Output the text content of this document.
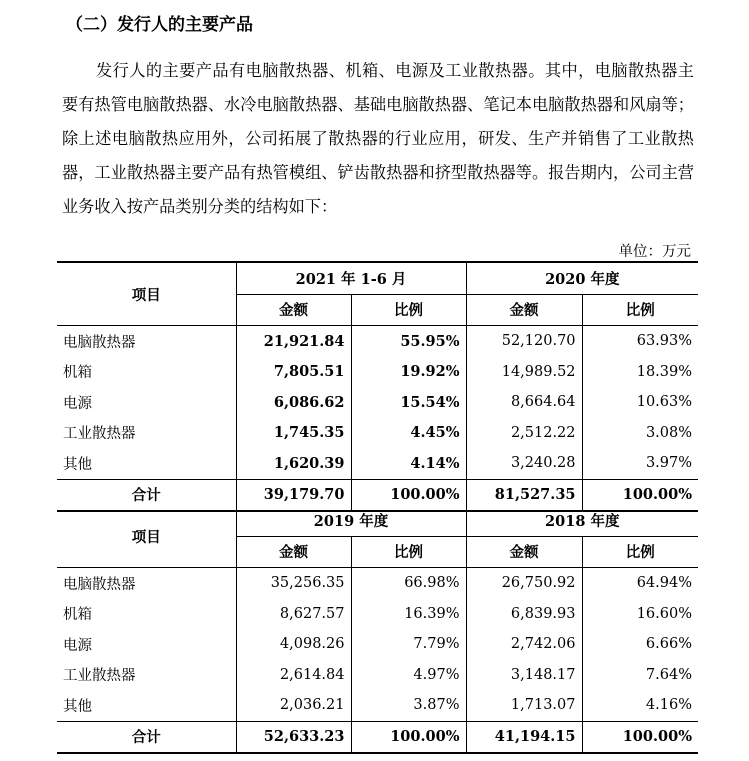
（二）发行人的主要产品

发行人的主要产品有电脑散热器、机箱、电源及工业散热器。其中，电脑散热器主要有热管电脑散热器、水冷电脑散热器、基础电脑散热器、笔记本电脑散热器和风扇等；除上述电脑散热应用外，公司拓展了散热器的行业应用，研发、生产并销售了工业散热器，工业散热器主要产品有热管模组、铲齿散热器和挤型散热器等。报告期内，公司主营业务收入按产品类别分类的结构如下：

单位：万元
项目	2021 年 1-6 月		2020 年度	
	金额	比例	金额	比例
电脑散热器	21,921.84	55.95%	52,120.70	63.93%
机箱	7,805.51	19.92%	14,989.52	18.39%
电源	6,086.62	15.54%	8,664.64	10.63%
工业散热器	1,745.35	4.45%	2,512.22	3.08%
其他	1,620.39	4.14%	3,240.28	3.97%
合计	39,179.70	100.00%	81,527.35	100.00%
项目	2019 年度		2018 年度	
	金额	比例	金额	比例
电脑散热器	35,256.35	66.98%	26,750.92	64.94%
机箱	8,627.57	16.39%	6,839.93	16.60%
电源	4,098.26	7.79%	2,742.06	6.66%
工业散热器	2,614.84	4.97%	3,148.17	7.64%
其他	2,036.21	3.87%	1,713.07	4.16%
合计	52,633.23	100.00%	41,194.15	100.00%
